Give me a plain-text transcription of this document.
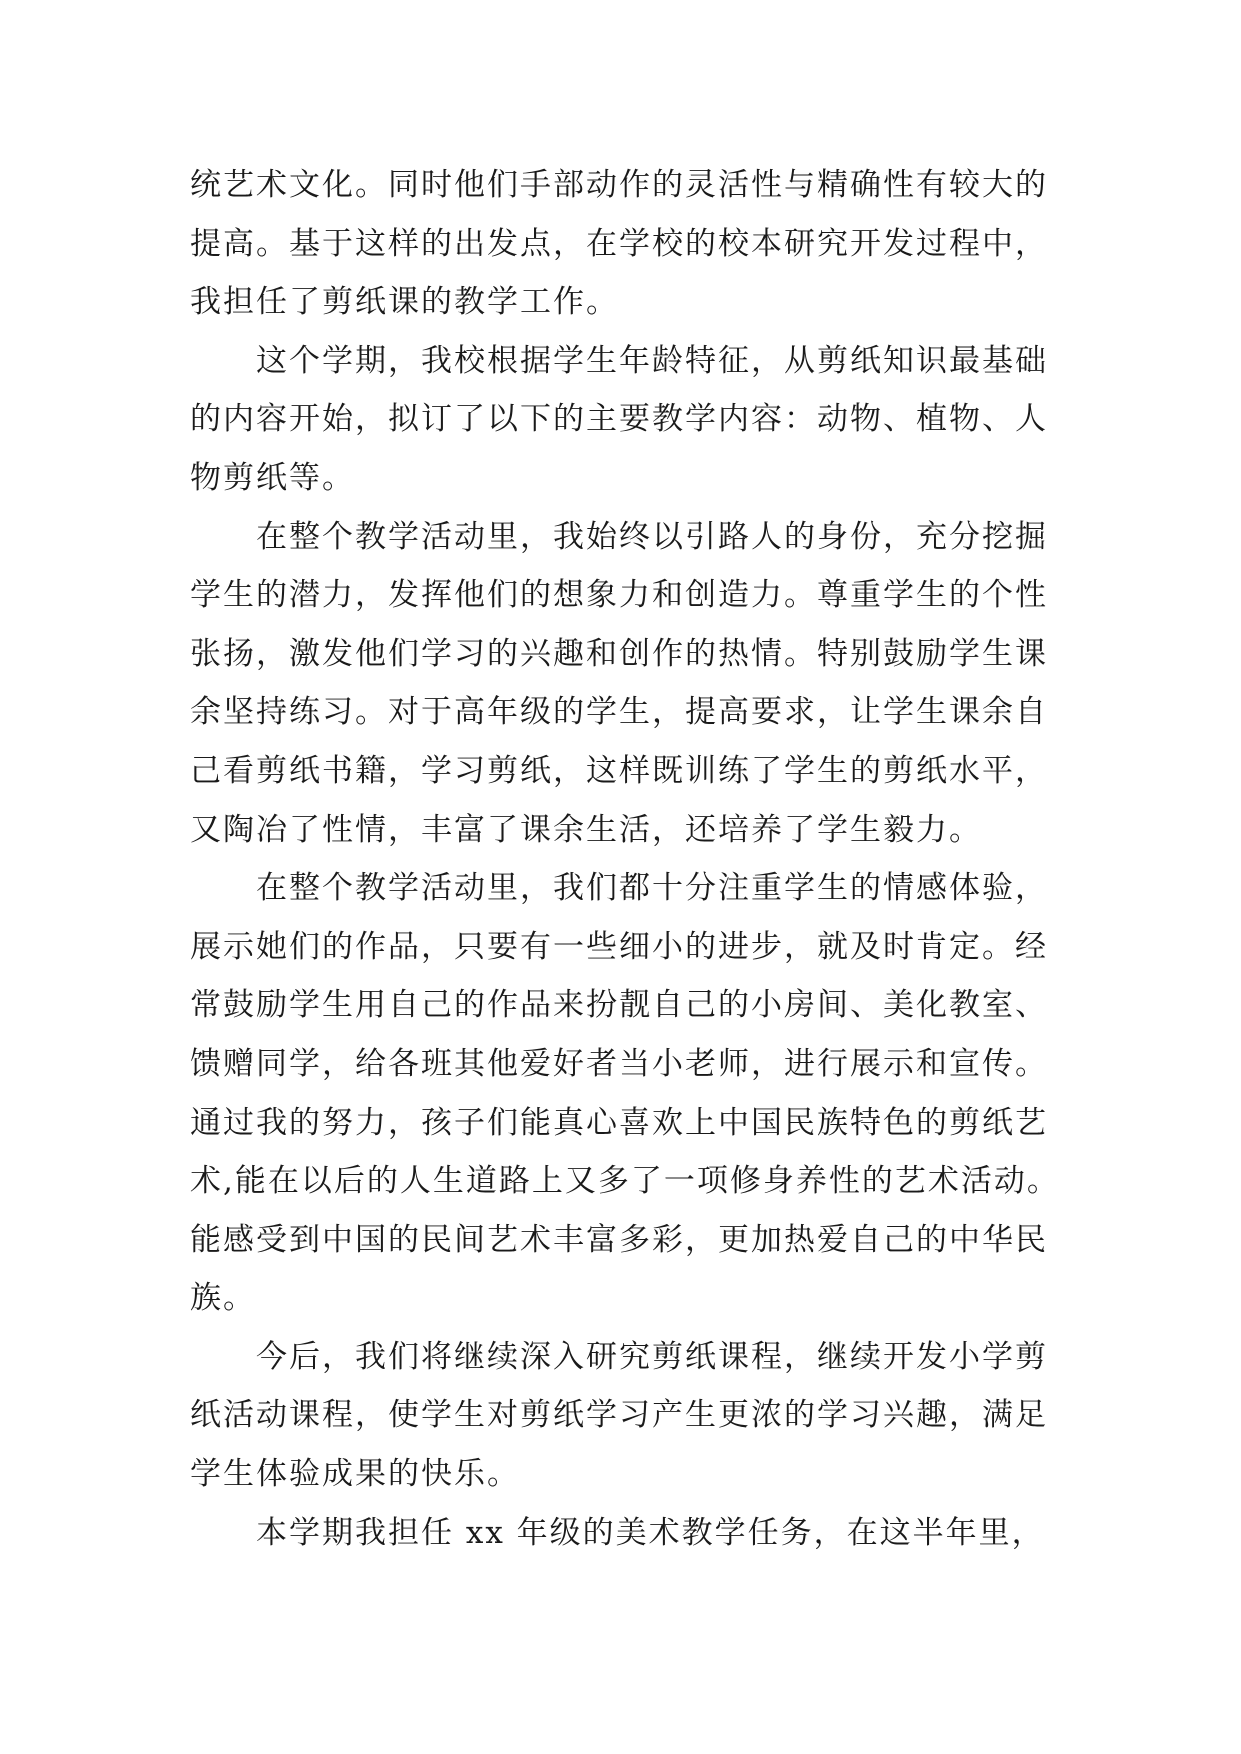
统艺术文化。同时他们手部动作的灵活性与精确性有较大的
提高。基于这样的出发点，在学校的校本研究开发过程中，
我担任了剪纸课的教学工作。
这个学期，我校根据学生年龄特征，从剪纸知识最基础
的内容开始，拟订了以下的主要教学内容：动物、植物、人
物剪纸等。
在整个教学活动里，我始终以引路人的身份，充分挖掘
学生的潜力，发挥他们的想象力和创造力。尊重学生的个性
张扬，激发他们学习的兴趣和创作的热情。特别鼓励学生课
余坚持练习。对于高年级的学生，提高要求，让学生课余自
己看剪纸书籍，学习剪纸，这样既训练了学生的剪纸水平，
又陶冶了性情，丰富了课余生活，还培养了学生毅力。
在整个教学活动里，我们都十分注重学生的情感体验，
展示她们的作品，只要有一些细小的进步，就及时肯定。经
常鼓励学生用自己的作品来扮靓自己的小房间、美化教室、
馈赠同学，给各班其他爱好者当小老师，进行展示和宣传。
通过我的努力，孩子们能真心喜欢上中国民族特色的剪纸艺
术,能在以后的人生道路上又多了一项修身养性的艺术活动。
能感受到中国的民间艺术丰富多彩，更加热爱自己的中华民
族。
今后，我们将继续深入研究剪纸课程，继续开发小学剪
纸活动课程，使学生对剪纸学习产生更浓的学习兴趣，满足
学生体验成果的快乐。
本学期我担任 xx 年级的美术教学任务，在这半年里，
